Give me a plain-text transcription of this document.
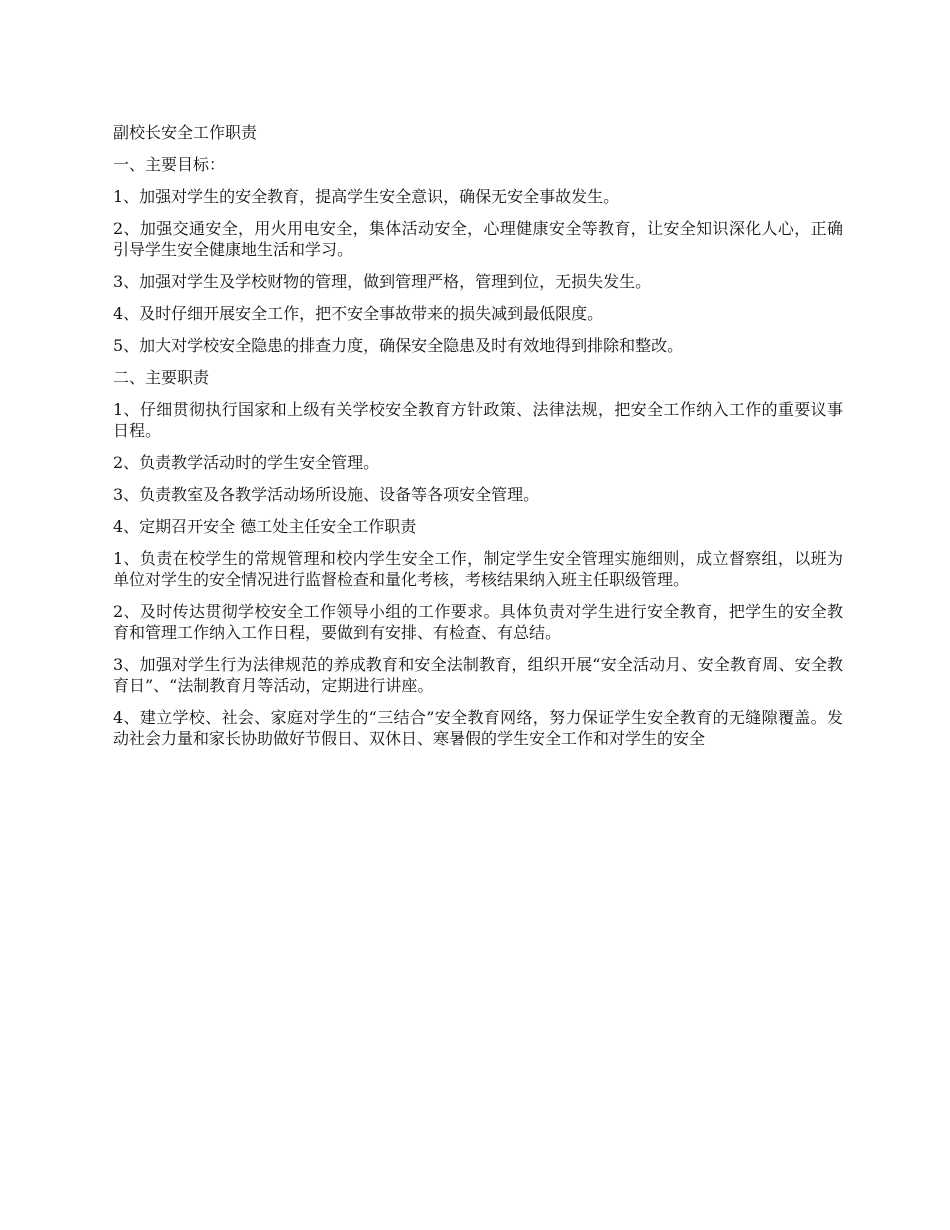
副校长安全工作职责

一、主要目标：

1、加强对学生的安全教育，提高学生安全意识，确保无安全事故发生。

2、加强交通安全，用火用电安全，集体活动安全，心理健康安全等教育，让安全知识深化人心，正确引导学生安全健康地生活和学习。

3、加强对学生及学校财物的管理，做到管理严格，管理到位，无损失发生。

4、及时仔细开展安全工作，把不安全事故带来的损失减到最低限度。

5、加大对学校安全隐患的排查力度，确保安全隐患及时有效地得到排除和整改。

二、主要职责

1、仔细贯彻执行国家和上级有关学校安全教育方针政策、法律法规，把安全工作纳入工作的重要议事日程。

2、负责教学活动时的学生安全管理。

3、负责教室及各教学活动场所设施、设备等各项安全管理。

4、定期召开安全 德工处主任安全工作职责

1、负责在校学生的常规管理和校内学生安全工作，制定学生安全管理实施细则，成立督察组，以班为单位对学生的安全情况进行监督检查和量化考核，考核结果纳入班主任职级管理。

2、及时传达贯彻学校安全工作领导小组的工作要求。具体负责对学生进行安全教育，把学生的安全教育和管理工作纳入工作日程，要做到有安排、有检查、有总结。

3、加强对学生行为法律规范的养成教育和安全法制教育，组织开展“安全活动月、安全教育周、安全教育日”、“法制教育月等活动，定期进行讲座。

4、建立学校、社会、家庭对学生的“三结合”安全教育网络，努力保证学生安全教育的无缝隙覆盖。发动社会力量和家长协助做好节假日、双休日、寒暑假的学生安全工作和对学生的安全
